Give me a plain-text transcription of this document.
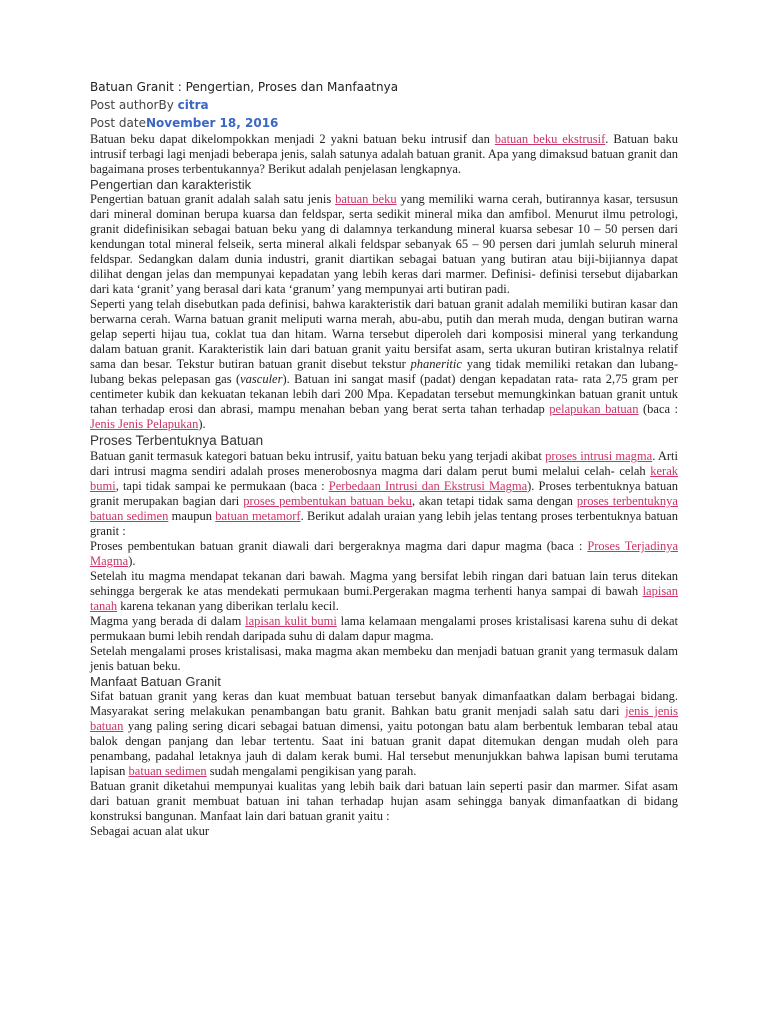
Batuan Granit : Pengertian, Proses dan Manfaatnya
Post authorBy citra
Post dateNovember 18, 2016

Batuan beku dapat dikelompokkan menjadi 2 yakni batuan beku intrusif dan batuan beku ekstrusif. Batuan baku intrusif terbagi lagi menjadi beberapa jenis, salah satunya adalah batuan granit. Apa yang dimaksud batuan granit dan bagaimana proses terbentukannya? Berikut adalah penjelasan lengkapnya.

Pengertian dan karakteristik

Pengertian batuan granit adalah salah satu jenis batuan beku yang memiliki warna cerah, butirannya kasar, tersusun dari mineral dominan berupa kuarsa dan feldspar, serta sedikit mineral mika dan amfibol. Menurut ilmu petrologi, granit didefinisikan sebagai batuan beku yang di dalamnya terkandung mineral kuarsa sebesar 10 – 50 persen dari kendungan total mineral felseik, serta mineral alkali feldspar sebanyak 65 – 90 persen dari jumlah seluruh mineral feldspar. Sedangkan dalam dunia industri, granit diartikan sebagai batuan yang butiran atau biji-bijiannya dapat dilihat dengan jelas dan mempunyai kepadatan yang lebih keras dari marmer. Definisi- definisi tersebut dijabarkan dari kata ‘granit’ yang berasal dari kata ‘granum’ yang mempunyai arti butiran padi.

Seperti yang telah disebutkan pada definisi, bahwa karakteristik dari batuan granit adalah memiliki butiran kasar dan berwarna cerah. Warna batuan granit meliputi warna merah, abu-abu, putih dan merah muda, dengan butiran warna gelap seperti hijau tua, coklat tua dan hitam. Warna tersebut diperoleh dari komposisi mineral yang terkandung dalam batuan granit. Karakteristik lain dari batuan granit yaitu bersifat asam, serta ukuran butiran kristalnya relatif sama dan besar. Tekstur butiran batuan granit disebut tekstur phaneritic yang tidak memiliki retakan dan lubang- lubang bekas pelepasan gas (vasculer). Batuan ini sangat masif (padat) dengan kepadatan rata- rata 2,75 gram per centimeter kubik dan kekuatan tekanan lebih dari 200 Mpa. Kepadatan tersebut memungkinkan batuan granit untuk tahan terhadap erosi dan abrasi, mampu menahan beban yang berat serta tahan terhadap pelapukan batuan (baca : Jenis Jenis Pelapukan).

Proses Terbentuknya Batuan

Batuan ganit termasuk kategori batuan beku intrusif, yaitu batuan beku yang terjadi akibat proses intrusi magma. Arti dari intrusi magma sendiri adalah proses menerobosnya magma dari dalam perut bumi melalui celah- celah kerak bumi, tapi tidak sampai ke permukaan (baca : Perbedaan Intrusi dan Ekstrusi Magma). Proses terbentuknya batuan granit merupakan bagian dari proses pembentukan batuan beku, akan tetapi tidak sama dengan proses terbentuknya batuan sedimen maupun batuan metamorf. Berikut adalah uraian yang lebih jelas tentang proses terbentuknya batuan granit :

Proses pembentukan batuan granit diawali dari bergeraknya magma dari dapur magma (baca : Proses Terjadinya Magma).

Setelah itu magma mendapat tekanan dari bawah. Magma yang bersifat lebih ringan dari batuan lain terus ditekan sehingga bergerak ke atas mendekati permukaan bumi.Pergerakan magma terhenti hanya sampai di bawah lapisan tanah karena tekanan yang diberikan terlalu kecil.

Magma yang berada di dalam lapisan kulit bumi lama kelamaan mengalami proses kristalisasi karena suhu di dekat permukaan bumi lebih rendah daripada suhu di dalam dapur magma.

Setelah mengalami proses kristalisasi, maka magma akan membeku dan menjadi batuan granit yang termasuk dalam jenis batuan beku.

Manfaat Batuan Granit

Sifat batuan granit yang keras dan kuat membuat batuan tersebut banyak dimanfaatkan dalam berbagai bidang. Masyarakat sering melakukan penambangan batu granit. Bahkan batu granit menjadi salah satu dari jenis jenis batuan yang paling sering dicari sebagai batuan dimensi, yaitu potongan batu alam berbentuk lembaran tebal atau balok dengan panjang dan lebar tertentu. Saat ini batuan granit dapat ditemukan dengan mudah oleh para penambang, padahal letaknya jauh di dalam kerak bumi. Hal tersebut menunjukkan bahwa lapisan bumi terutama lapisan batuan sedimen sudah mengalami pengikisan yang parah.

Batuan granit diketahui mempunyai kualitas yang lebih baik dari batuan lain seperti pasir dan marmer. Sifat asam dari batuan granit membuat batuan ini tahan terhadap hujan asam sehingga banyak dimanfaatkan di bidang konstruksi bangunan. Manfaat lain dari batuan granit yaitu :

Sebagai acuan alat ukur
